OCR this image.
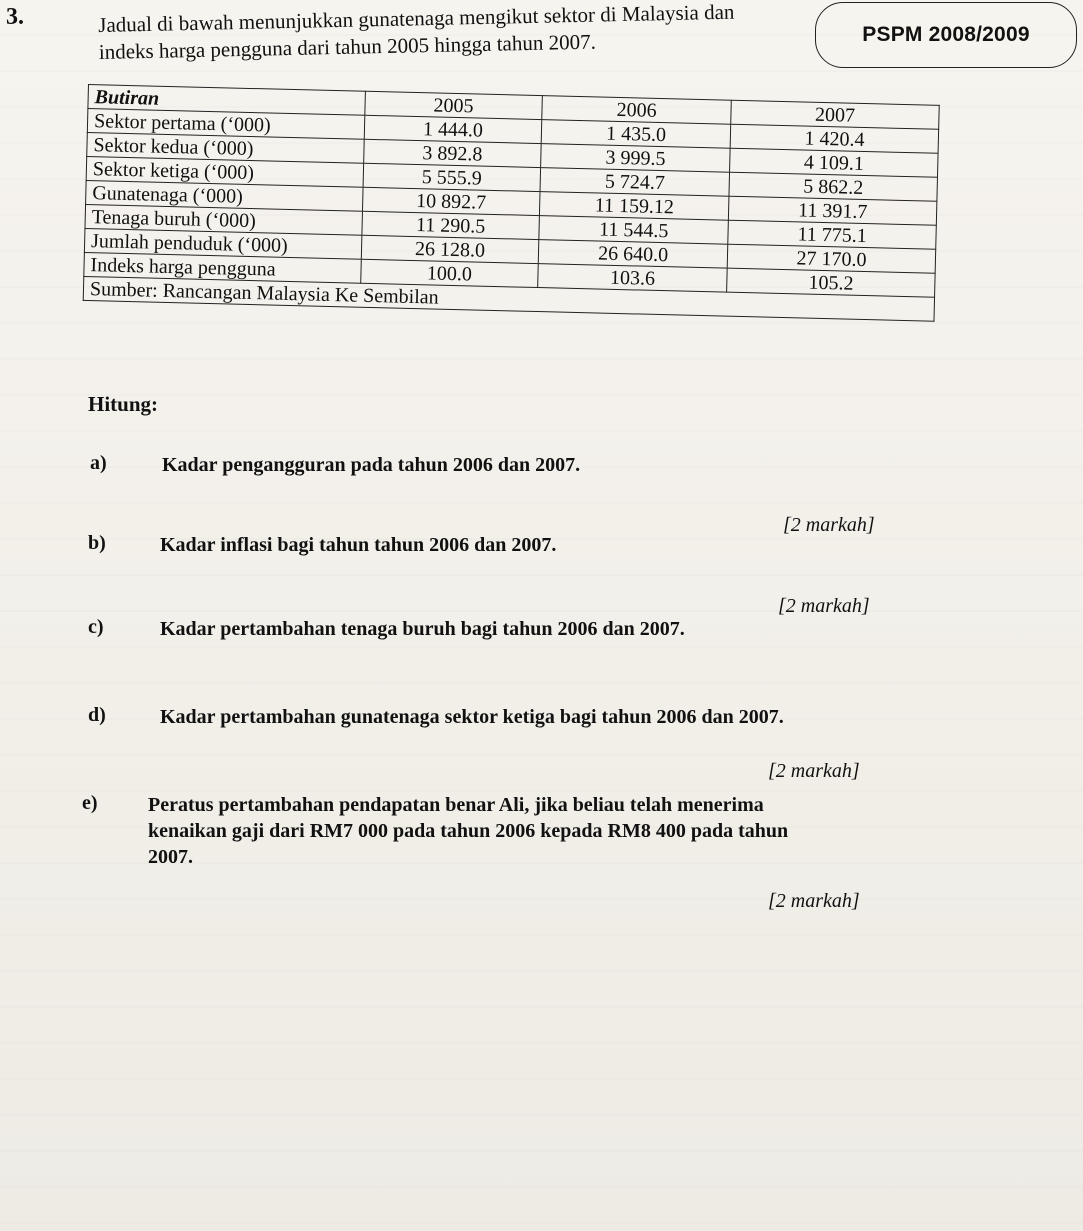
3.
PSPM 2008/2009

Jadual di bawah menunjukkan gunatenaga mengikut sektor di Malaysia dan

indeks harga pengguna dari tahun 2005 hingga tahun 2007.

Butiran	2005	2006	2007
Sektor pertama (ʻ000)	1 444.0	1 435.0	1 420.4
Sektor kedua (ʻ000)	3 892.8	3 999.5	4 109.1
Sektor ketiga (ʻ000)	5 555.9	5 724.7	5 862.2
Gunatenaga (ʻ000)	10 892.7	11 159.12	11 391.7
Tenaga buruh (ʻ000)	11 290.5	11 544.5	11 775.1
Jumlah penduduk (ʻ000)	26 128.0	26 640.0	27 170.0
Indeks harga pengguna	100.0	103.6	105.2
Sumber: Rancangan Malaysia Ke Sembilan			
Hitung:
a)	Kadar pengangguran pada tahun 2006 dan 2007.
[2 markah]
b)	Kadar inflasi bagi tahun tahun 2006 dan 2007.
[2 markah]
c)	Kadar pertambahan tenaga buruh bagi tahun 2006 dan 2007.
d)	Kadar pertambahan gunatenaga sektor ketiga bagi tahun 2006 dan 2007.
[2 markah]
e)	Peratus pertambahan pendapatan benar Ali, jika beliau telah menerima
kenaikan gaji dari RM7 000 pada tahun 2006 kepada RM8 400 pada tahun
2007.
[2 markah]
